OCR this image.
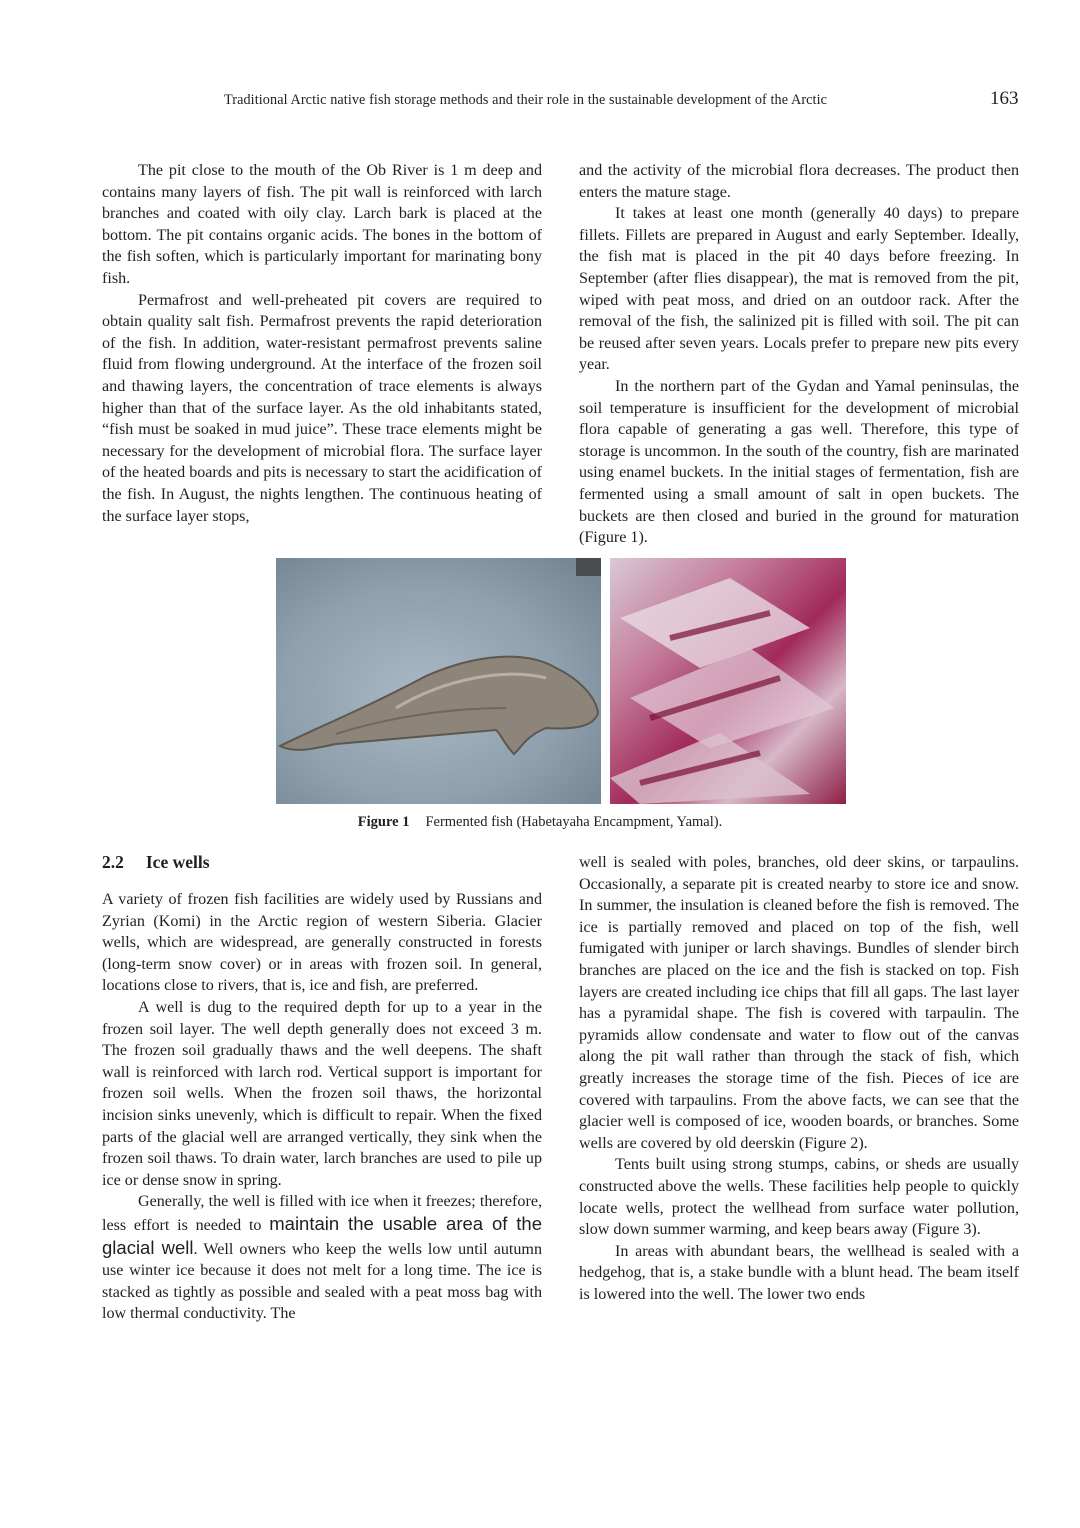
Traditional Arctic native fish storage methods and their role in the sustainable development of the Arctic	163

The pit close to the mouth of the Ob River is 1 m deep and contains many layers of fish. The pit wall is reinforced with larch branches and coated with oily clay. Larch bark is placed at the bottom. The pit contains organic acids. The bones in the bottom of the fish soften, which is particularly important for marinating bony fish.

Permafrost and well-preheated pit covers are required to obtain quality salt fish. Permafrost prevents the rapid deterioration of the fish. In addition, water-resistant permafrost prevents saline fluid from flowing underground. At the interface of the frozen soil and thawing layers, the concentration of trace elements is always higher than that of the surface layer. As the old inhabitants stated, “fish must be soaked in mud juice”. These trace elements might be necessary for the development of microbial flora. The surface layer of the heated boards and pits is necessary to start the acidification of the fish. In August, the nights lengthen. The continuous heating of the surface layer stops,

and the activity of the microbial flora decreases. The product then enters the mature stage.

It takes at least one month (generally 40 days) to prepare fillets. Fillets are prepared in August and early September. Ideally, the fish mat is placed in the pit 40 days before freezing. In September (after flies disappear), the mat is removed from the pit, wiped with peat moss, and dried on an outdoor rack. After the removal of the fish, the salinized pit is filled with soil. The pit can be reused after seven years. Locals prefer to prepare new pits every year.

In the northern part of the Gydan and Yamal peninsulas, the soil temperature is insufficient for the development of microbial flora capable of generating a gas well. Therefore, this type of storage is uncommon. In the south of the country, fish are marinated using enamel buckets. In the initial stages of fermentation, fish are fermented using a small amount of salt in open buckets. The buckets are then closed and buried in the ground for maturation (Figure 1).

Figure 1 Fermented fish (Habetayaha Encampment, Yamal).
2.2 Ice wells

A variety of frozen fish facilities are widely used by Russians and Zyrian (Komi) in the Arctic region of western Siberia. Glacier wells, which are widespread, are generally constructed in forests (long-term snow cover) or in areas with frozen soil. In general, locations close to rivers, that is, ice and fish, are preferred.

A well is dug to the required depth for up to a year in the frozen soil layer. The well depth generally does not exceed 3 m. The frozen soil gradually thaws and the well deepens. The shaft wall is reinforced with larch rod. Vertical support is important for frozen soil wells. When the frozen soil thaws, the horizontal incision sinks unevenly, which is difficult to repair. When the fixed parts of the glacial well are arranged vertically, they sink when the frozen soil thaws. To drain water, larch branches are used to pile up ice or dense snow in spring.

Generally, the well is filled with ice when it freezes; therefore, less effort is needed to maintain the usable area of the glacial well. Well owners who keep the wells low until autumn use winter ice because it does not melt for a long time. The ice is stacked as tightly as possible and sealed with a peat moss bag with low thermal conductivity. The

well is sealed with poles, branches, old deer skins, or tarpaulins. Occasionally, a separate pit is created nearby to store ice and snow. In summer, the insulation is cleaned before the fish is removed. The ice is partially removed and placed on top of the fish, well fumigated with juniper or larch shavings. Bundles of slender birch branches are placed on the ice and the fish is stacked on top. Fish layers are created including ice chips that fill all gaps. The last layer has a pyramidal shape. The fish is covered with tarpaulin. The pyramids allow condensate and water to flow out of the canvas along the pit wall rather than through the stack of fish, which greatly increases the storage time of the fish. Pieces of ice are covered with tarpaulins. From the above facts, we can see that the glacier well is composed of ice, wooden boards, or branches. Some wells are covered by old deerskin (Figure 2).

Tents built using strong stumps, cabins, or sheds are usually constructed above the wells. These facilities help people to quickly locate wells, protect the wellhead from surface water pollution, slow down summer warming, and keep bears away (Figure 3).

In areas with abundant bears, the wellhead is sealed with a hedgehog, that is, a stake bundle with a blunt head. The beam itself is lowered into the well. The lower two ends
